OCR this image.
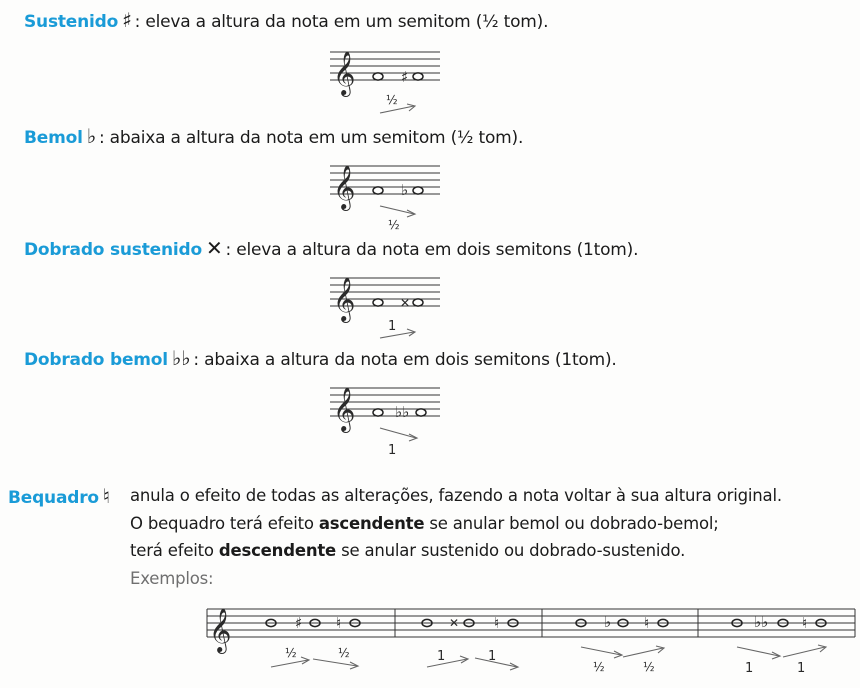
Sustenido ♯ : eleva a altura da nota em um semitom (½ tom).
𝄞	♯
½
Bemol ♭ : abaixa a altura da nota em um semitom (½ tom).
𝄞	♭
½
Dobrado sustenido ✕ : eleva a altura da nota em dois semitons (1tom).
𝄞	✕
1
Dobrado bemol ♭♭ : abaixa a altura da nota em dois semitons (1tom).
𝄞	♭♭
1
Bequadro ♮ anula o efeito de todas as alterações, fazendo a nota voltar à sua altura original.
O bequadro terá efeito ascendente se anular bemol ou dobrado-bemol;
terá efeito descendente se anular sustenido ou dobrado-sustenido.
Exemplos:
𝄞	♯ ♮
½	½
✕ ♮
1	1
♭ ♮
½	½
♭♭ ♮
1	1
